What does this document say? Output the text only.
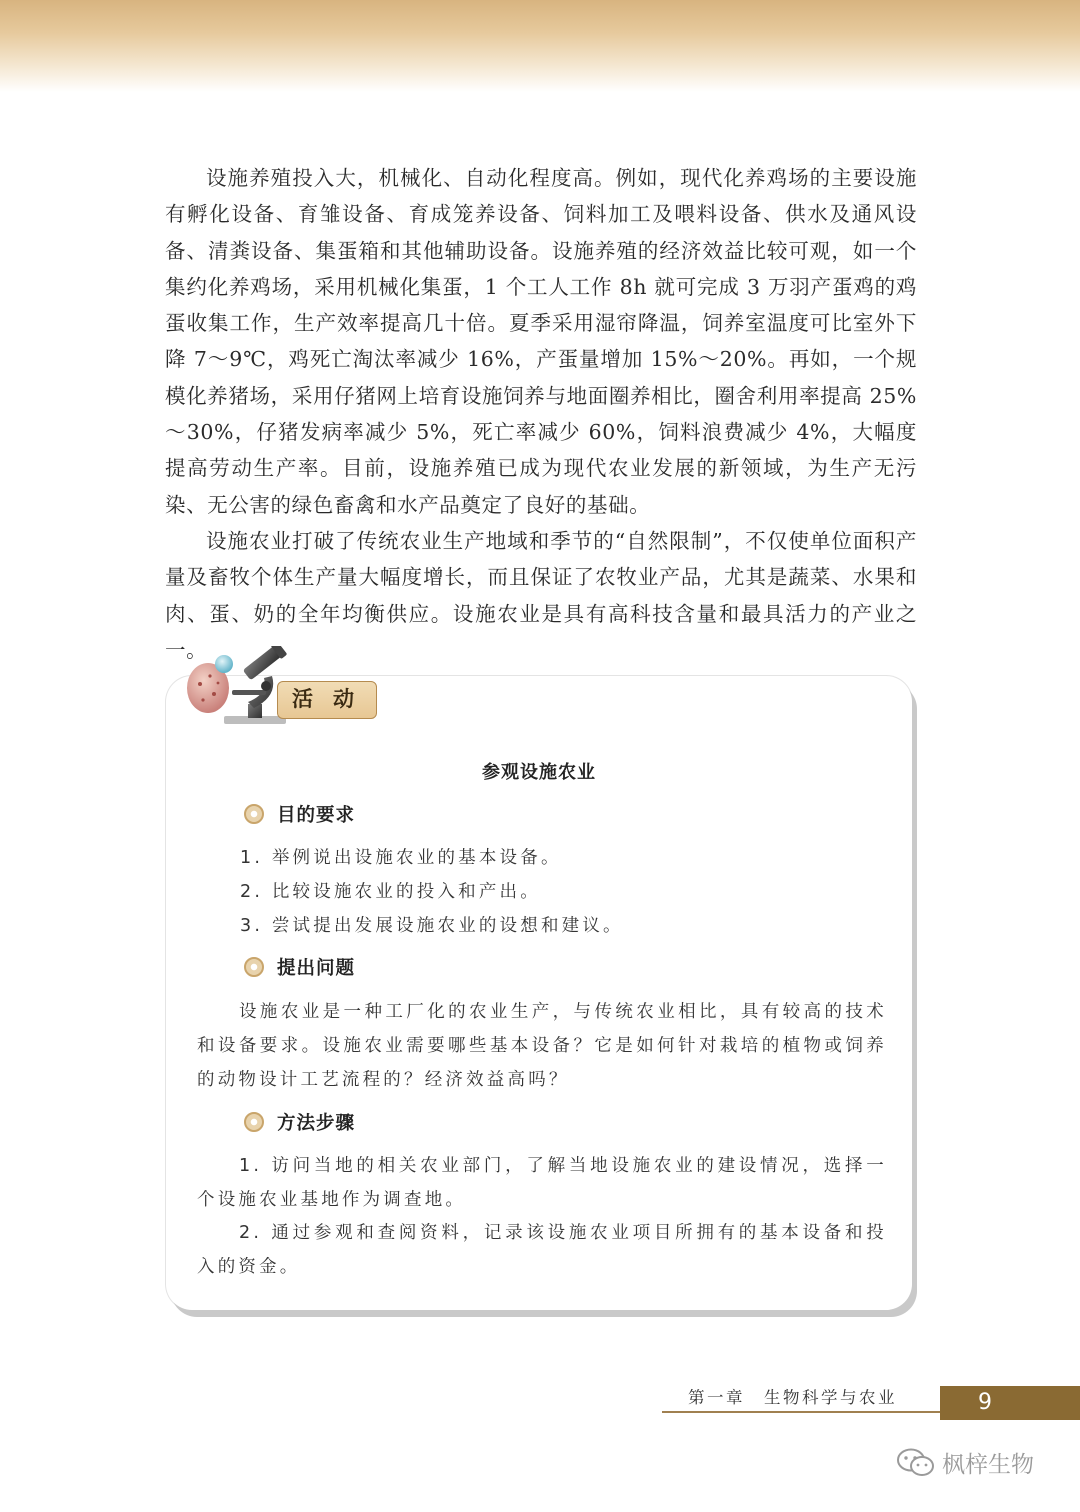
设施养殖投入大，机械化、自动化程度高。例如，现代化养鸡场的主要设施有孵化设备、育雏设备、育成笼养设备、饲料加工及喂料设备、供水及通风设备、清粪设备、集蛋箱和其他辅助设备。设施养殖的经济效益比较可观，如一个集约化养鸡场，采用机械化集蛋，1 个工人工作 8h 就可完成 3 万羽产蛋鸡的鸡蛋收集工作，生产效率提高几十倍。夏季采用湿帘降温，饲养室温度可比室外下降 7～9℃，鸡死亡淘汰率减少 16%，产蛋量增加 15%～20%。再如，一个规模化养猪场，采用仔猪网上培育设施饲养与地面圈养相比，圈舍利用率提高 25%～30%，仔猪发病率减少 5%，死亡率减少 60%，饲料浪费减少 4%，大幅度提高劳动生产率。目前，设施养殖已成为现代农业发展的新领域，为生产无污染、无公害的绿色畜禽和水产品奠定了良好的基础。

设施农业打破了传统农业生产地域和季节的“自然限制”，不仅使单位面积产量及畜牧个体生产量大幅度增长，而且保证了农牧业产品，尤其是蔬菜、水果和肉、蛋、奶的全年均衡供应。设施农业是具有高科技含量和最具活力的产业之一。

活动
参观设施农业
目的要求
1. 举例说出设施农业的基本设备。
2. 比较设施农业的投入和产出。
3. 尝试提出发展设施农业的设想和建议。
提出问题
设施农业是一种工厂化的农业生产，与传统农业相比，具有较高的技术和设备要求。设施农业需要哪些基本设备？它是如何针对栽培的植物或饲养的动物设计工艺流程的？经济效益高吗？
方法步骤
1. 访问当地的相关农业部门，了解当地设施农业的建设情况，选择一个设施农业基地作为调查地。
2. 通过参观和查阅资料，记录该设施农业项目所拥有的基本设备和投入的资金。
第一章　生物科学与农业	9
枫梓生物
